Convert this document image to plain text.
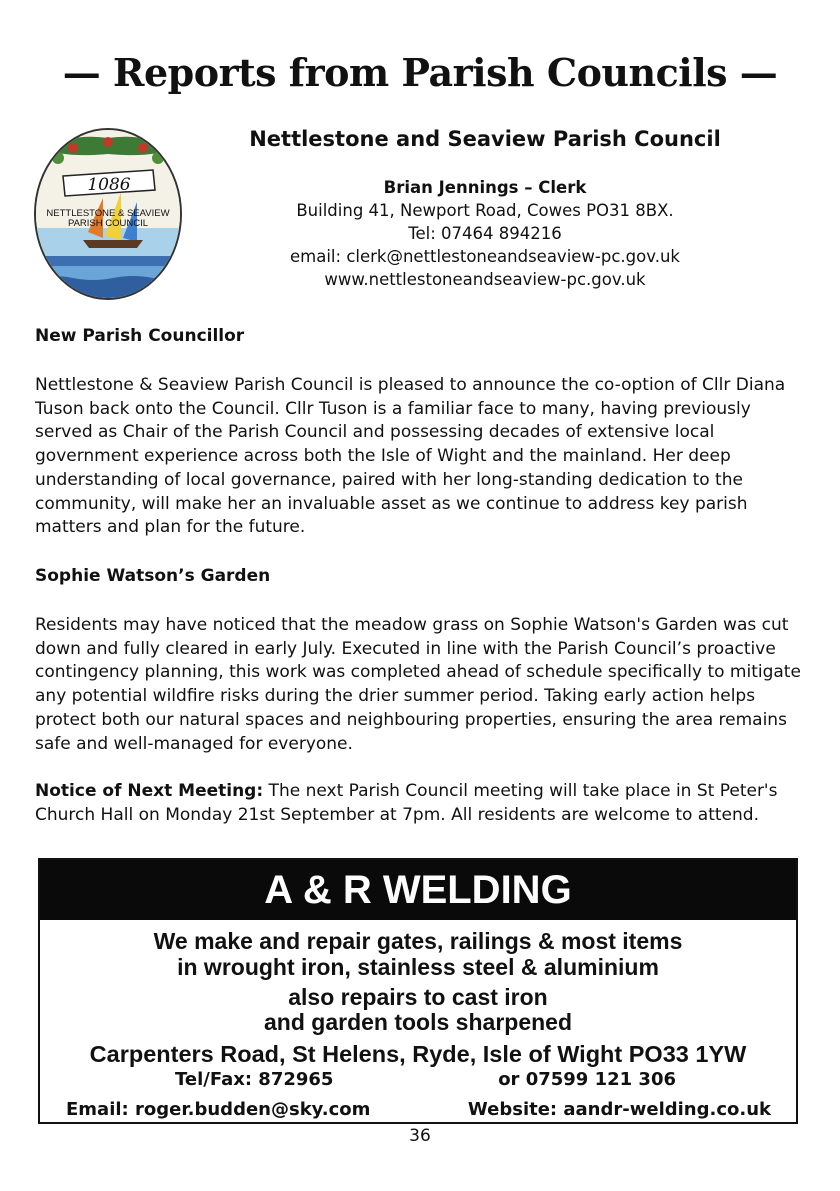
— Reports from Parish Councils —
1086
NETTLESTONE & SEAVIEW
PARISH COUNCIL
Nettlestone and Seaview Parish Council
Brian Jennings – Clerk
Building 41, Newport Road, Cowes PO31 8BX.
Tel: 07464 894216
email: clerk@nettlestoneandseaview-pc.gov.uk
www.nettlestoneandseaview-pc.gov.uk
New Parish Councillor

Nettlestone & Seaview Parish Council is pleased to announce the co-option of Cllr Diana Tuson back onto the Council. Cllr Tuson is a familiar face to many, having previously served as Chair of the Parish Council and possessing decades of extensive local government experience across both the Isle of Wight and the mainland. Her deep understanding of local governance, paired with her long-standing dedication to the community, will make her an invaluable asset as we continue to address key parish matters and plan for the future.

Sophie Watson’s Garden

Residents may have noticed that the meadow grass on Sophie Watson's Garden was cut down and fully cleared in early July. Executed in line with the Parish Council’s proactive contingency planning, this work was completed ahead of schedule specifically to mitigate any potential wildfire risks during the drier summer period. Taking early action helps protect both our natural spaces and neighbouring properties, ensuring the area remains safe and well-managed for everyone.

Notice of Next Meeting: The next Parish Council meeting will take place in St Peter's Church Hall on Monday 21st September at 7pm. All residents are welcome to attend.

A & R WELDING
We make and repair gates, railings & most items
in wrought iron, stainless steel & aluminium
also repairs to cast iron
and garden tools sharpened
Carpenters Road, St Helens, Ryde, Isle of Wight PO33 1YW
Tel/Fax: 872965	or 07599 121 306
Email: roger.budden@sky.com	Website: aandr-welding.co.uk
36
